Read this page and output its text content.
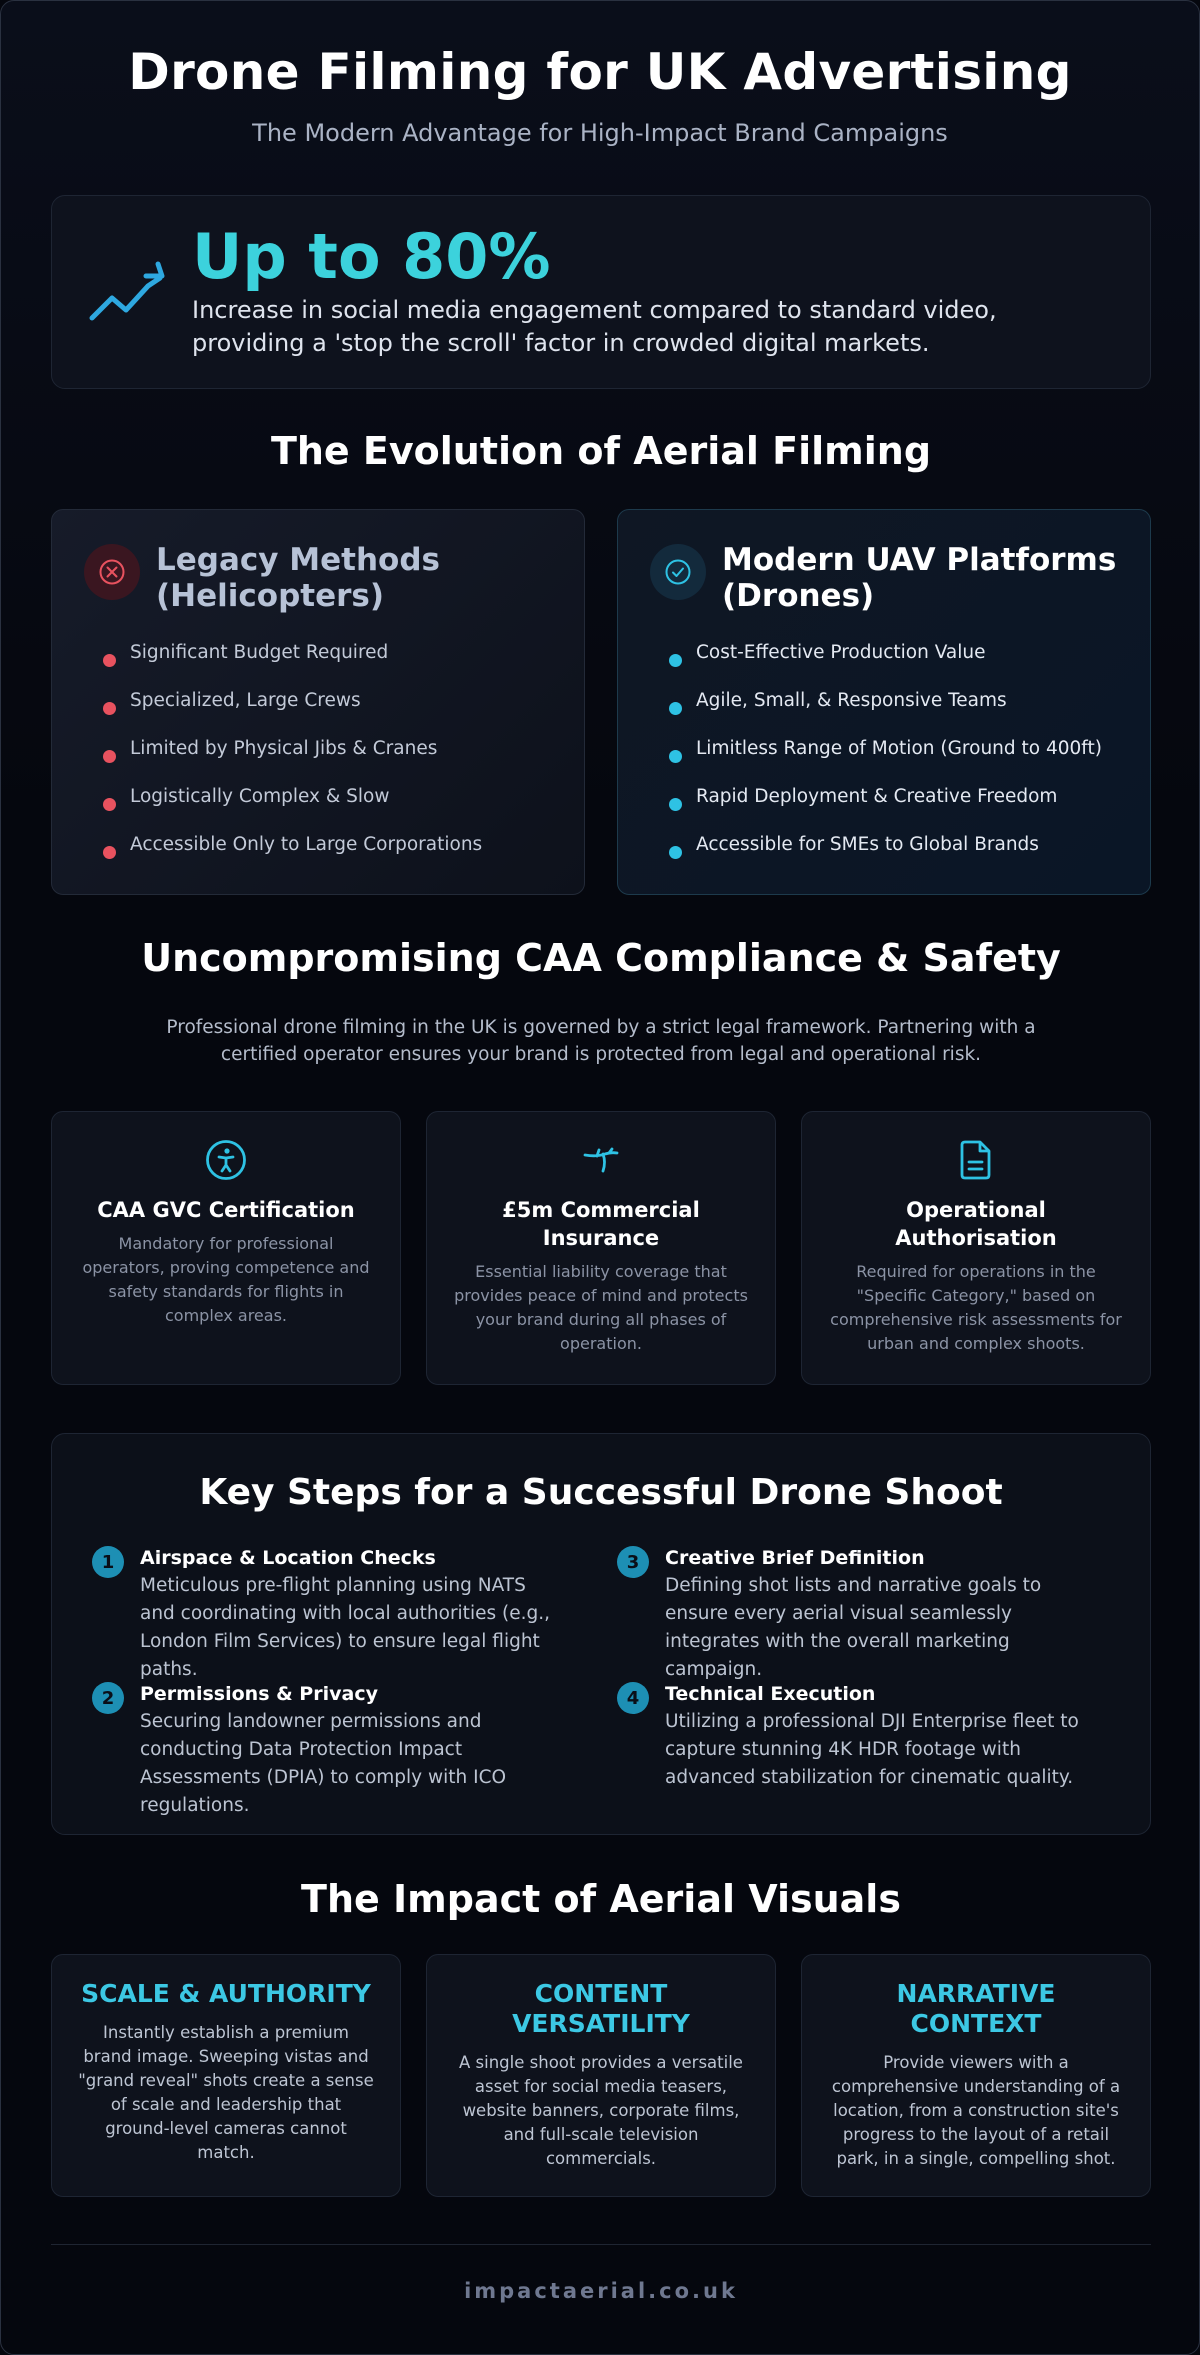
Drone Filming for UK Advertising
The Modern Advantage for High-Impact Brand Campaigns
Up to 80%
Increase in social media engagement compared to standard video,
providing a 'stop the scroll' factor in crowded digital markets.
The Evolution of Aerial Filming
Legacy Methods
(Helicopters)
Significant Budget Required
Specialized, Large Crews
Limited by Physical Jibs & Cranes
Logistically Complex & Slow
Accessible Only to Large Corporations
Modern UAV Platforms
(Drones)
Cost-Effective Production Value
Agile, Small, & Responsive Teams
Limitless Range of Motion (Ground to 400ft)
Rapid Deployment & Creative Freedom
Accessible for SMEs to Global Brands
Uncompromising CAA Compliance & Safety
Professional drone filming in the UK is governed by a strict legal framework. Partnering with a
certified operator ensures your brand is protected from legal and operational risk.
CAA GVC Certification
Mandatory for professional operators, proving competence and safety standards for flights in complex areas.
£5m Commercial Insurance
Essential liability coverage that provides peace of mind and protects your brand during all phases of operation.
Operational Authorisation
Required for operations in the "Specific Category," based on comprehensive risk assessments for urban and complex shoots.
Key Steps for a Successful Drone Shoot
1	Airspace & Location Checks
Meticulous pre-flight planning using NATS and coordinating with local authorities (e.g., London Film Services) to ensure legal flight paths.
2	Permissions & Privacy
Securing landowner permissions and conducting Data Protection Impact Assessments (DPIA) to comply with ICO regulations.
3	Creative Brief Definition
Defining shot lists and narrative goals to ensure every aerial visual seamlessly integrates with the overall marketing campaign.
4	Technical Execution
Utilizing a professional DJI Enterprise fleet to capture stunning 4K HDR footage with advanced stabilization for cinematic quality.
The Impact of Aerial Visuals
SCALE & AUTHORITY
Instantly establish a premium brand image. Sweeping vistas and "grand reveal" shots create a sense of scale and leadership that ground-level cameras cannot match.
CONTENT VERSATILITY
A single shoot provides a versatile asset for social media teasers, website banners, corporate films, and full-scale television commercials.
NARRATIVE CONTEXT
Provide viewers with a comprehensive understanding of a location, from a construction site's progress to the layout of a retail park, in a single, compelling shot.
impactaerial.co.uk
